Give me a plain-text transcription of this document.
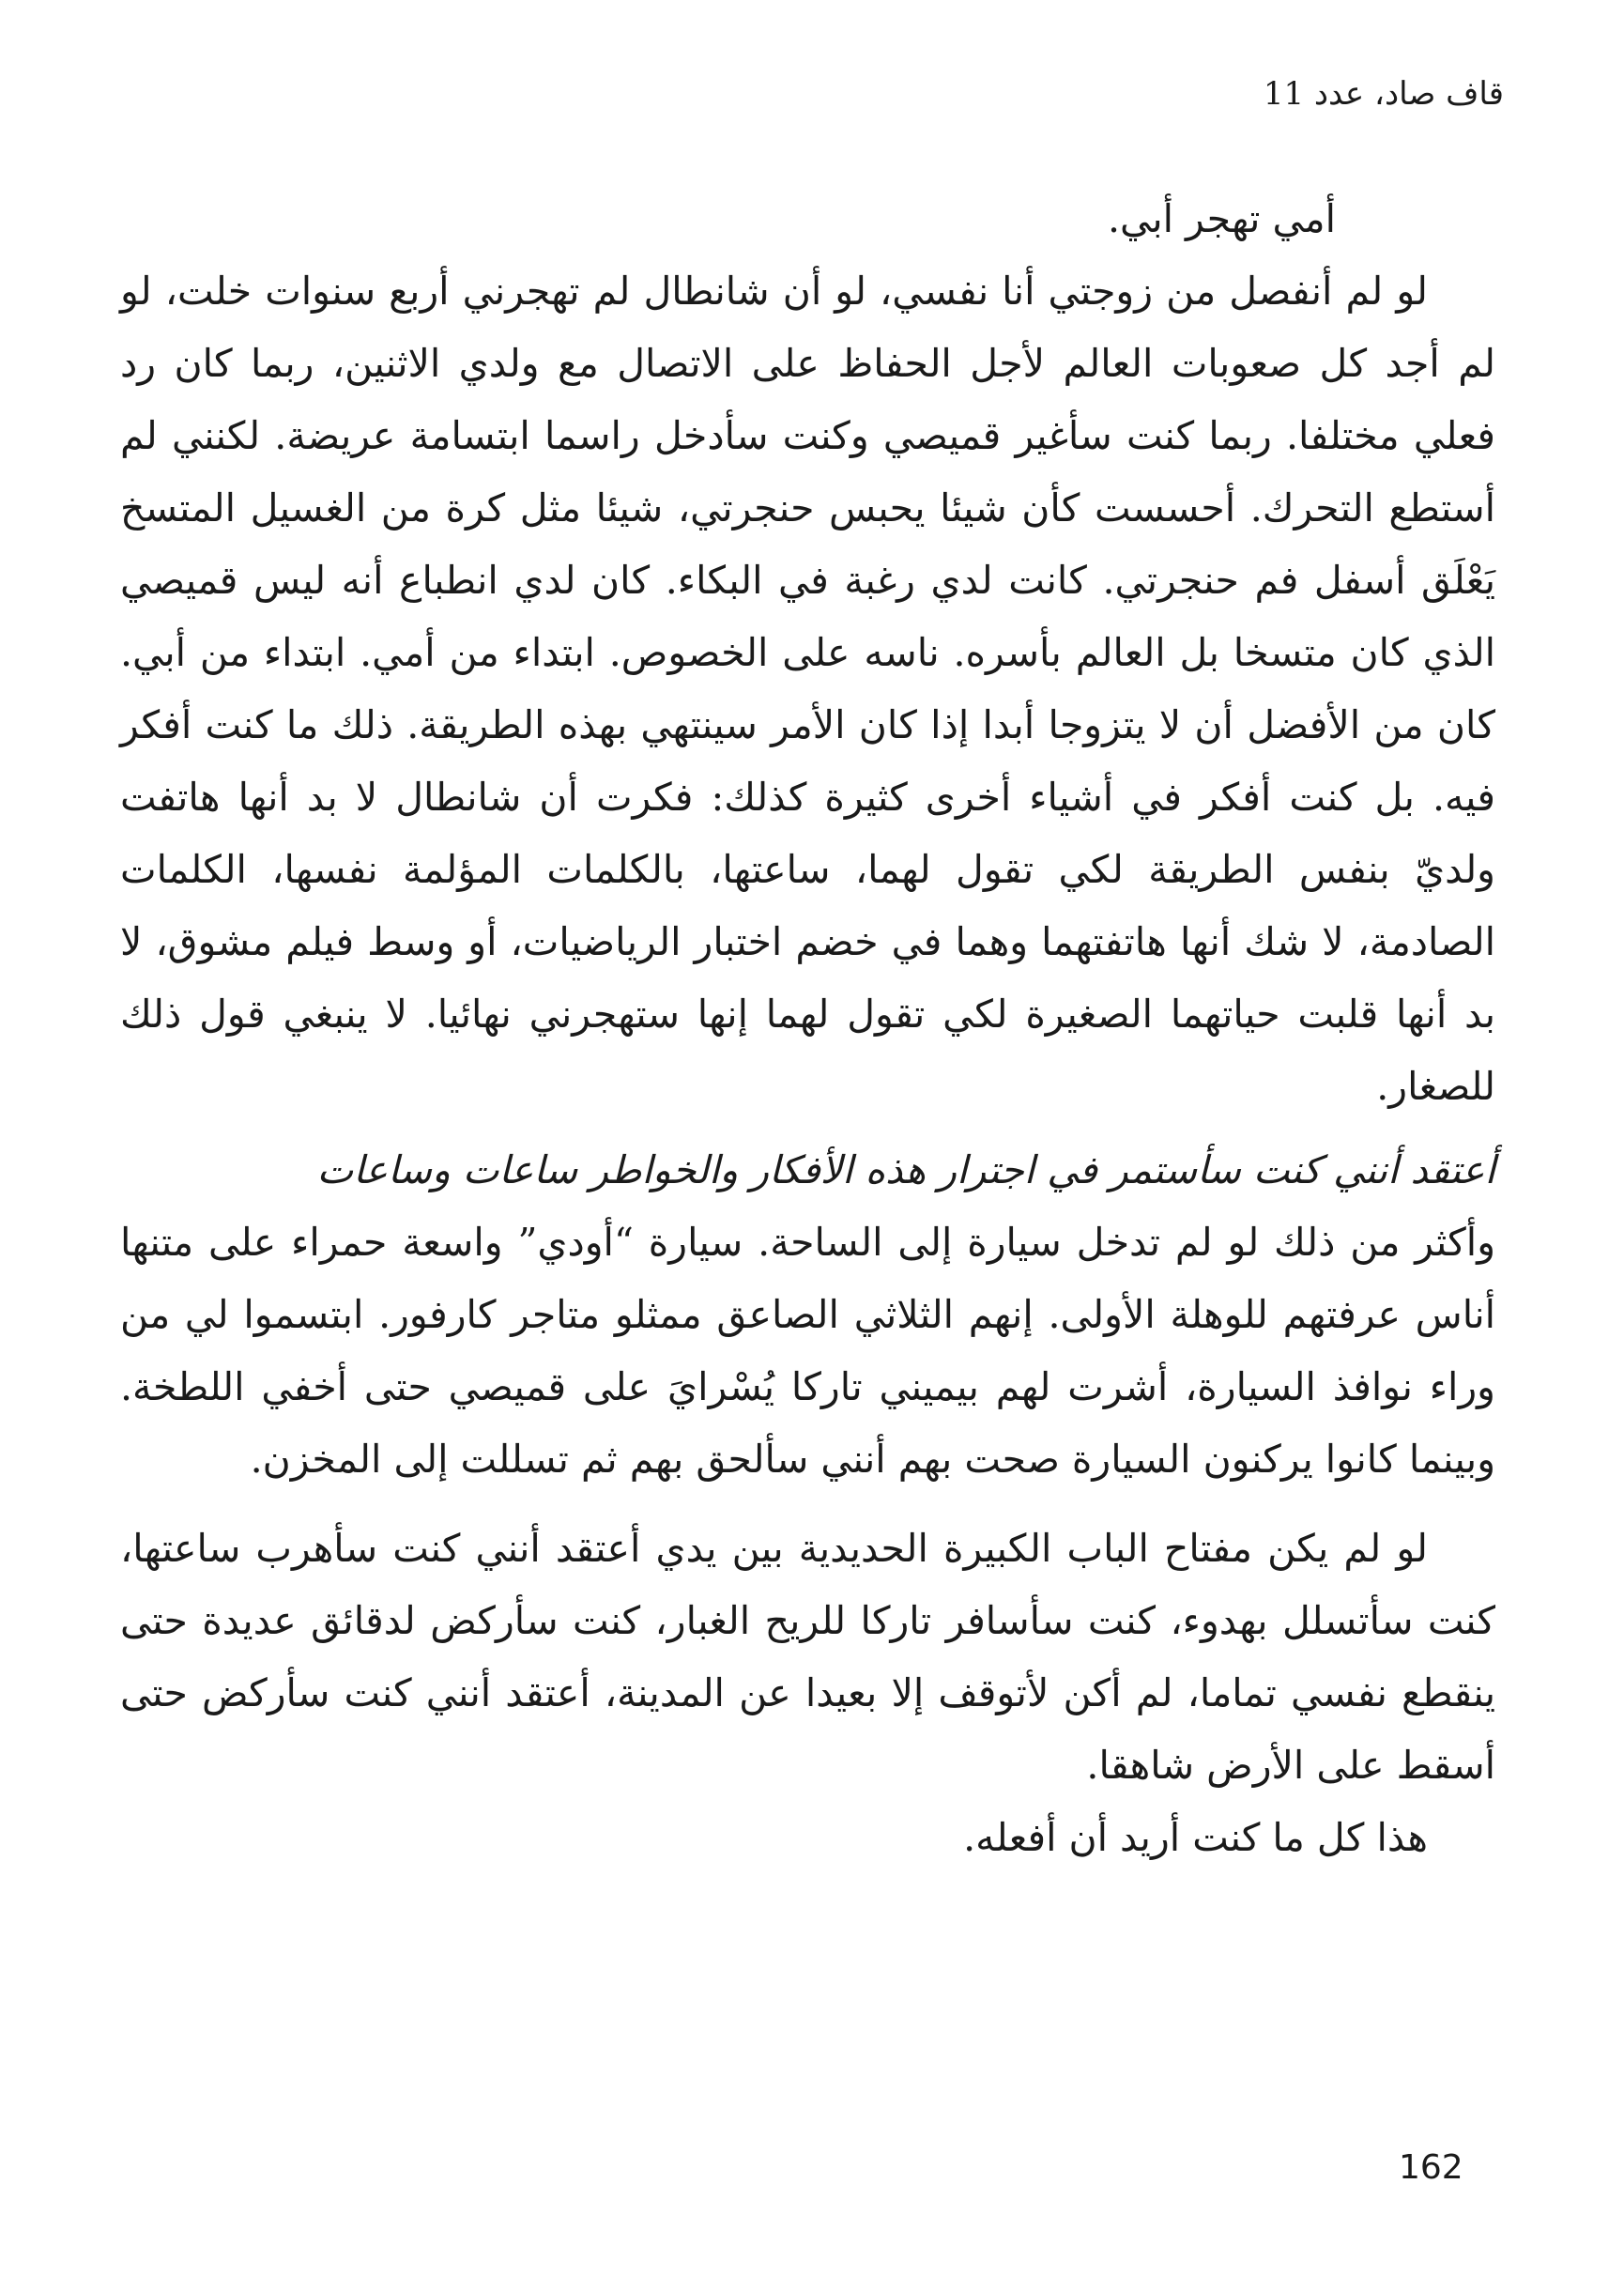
قاف صاد، عدد 11

أمي تهجر أبي.

لو لم أنفصل من زوجتي أنا نفسي، لو أن شانطال لم تهجرني أربع سنوات خلت، لو لم أجد كل صعوبات العالم لأجل الحفاظ على الاتصال مع ولدي الاثنين، ربما كان رد فعلي مختلفا. ربما كنت سأغير قميصي وكنت سأدخل راسما ابتسامة عريضة. لكنني لم أستطع التحرك. أحسست كأن شيئا يحبس حنجرتي، شيئا مثل كرة من الغسيل المتسخ يَعْلَق أسفل فم حنجرتي. كانت لدي رغبة في البكاء. كان لدي انطباع أنه ليس قميصي الذي كان متسخا بل العالم بأسره. ناسه على الخصوص. ابتداء من أمي. ابتداء من أبي. كان من الأفضل أن لا يتزوجا أبدا إذا كان الأمر سينتهي بهذه الطريقة. ذلك ما كنت أفكر فيه. بل كنت أفكر في أشياء أخرى كثيرة كذلك: فكرت أن شانطال لا بد أنها هاتفت ولديّ بنفس الطريقة لكي تقول لهما، ساعتها، بالكلمات المؤلمة نفسها، الكلمات الصادمة، لا شك أنها هاتفتهما وهما في خضم اختبار الرياضيات، أو وسط فيلم مشوق، لا بد أنها قلبت حياتهما الصغيرة لكي تقول لهما إنها ستهجرني نهائيا. لا ينبغي قول ذلك للصغار.

أعتقد أنني كنت سأستمر في اجترار هذه الأفكار والخواطر ساعات وساعات

وأكثر من ذلك لو لم تدخل سيارة إلى الساحة. سيارة “أودي” واسعة حمراء على متنها أناس عرفتهم للوهلة الأولى. إنهم الثلاثي الصاعق ممثلو متاجر كارفور. ابتسموا لي من وراء نوافذ السيارة، أشرت لهم بيميني تاركا يُسْرايَ على قميصي حتى أخفي اللطخة. وبينما كانوا يركنون السيارة صحت بهم أنني سألحق بهم ثم تسللت إلى المخزن.

لو لم يكن مفتاح الباب الكبيرة الحديدية بين يدي أعتقد أنني كنت سأهرب ساعتها، كنت سأتسلل بهدوء، كنت سأسافر تاركا للريح الغبار، كنت سأركض لدقائق عديدة حتى ينقطع نفسي تماما، لم أكن لأتوقف إلا بعيدا عن المدينة، أعتقد أنني كنت سأركض حتى أسقط على الأرض شاهقا.

هذا كل ما كنت أريد أن أفعله.

162
